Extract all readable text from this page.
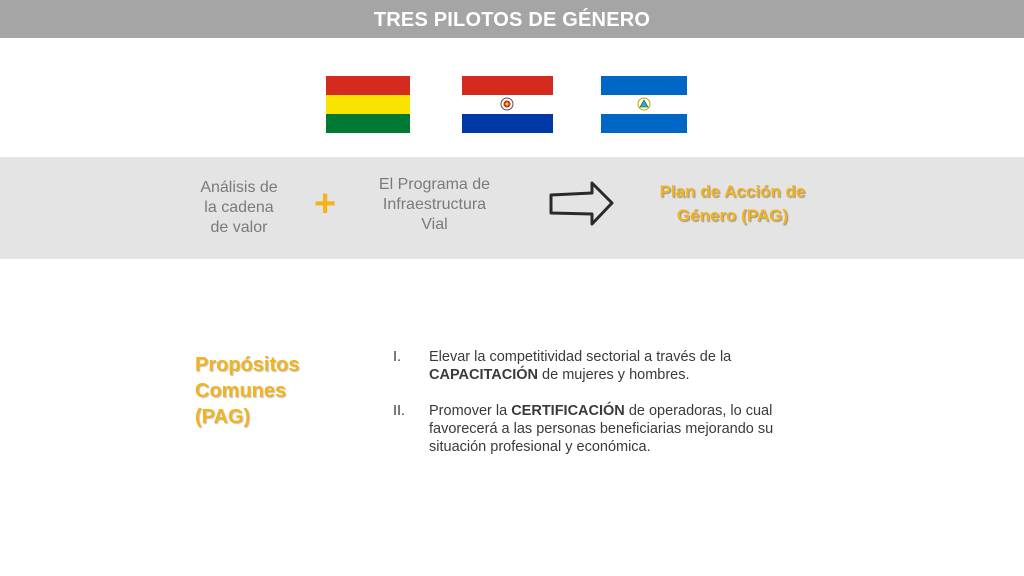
TRES PILOTOS DE GÉNERO
Análisis de
la cadena
de valor
+	El Programa de
Infraestructura
Vial
Plan de Acción de
Género (PAG)
Propósitos
Comunes
(PAG)
I. Elevar la competitividad sectorial a través de la CAPACITACIÓN de mujeres y hombres.

II. Promover la CERTIFICACIÓN de operadoras, lo cual favorecerá a las personas beneficiarias mejorando su situación profesional y económica.
